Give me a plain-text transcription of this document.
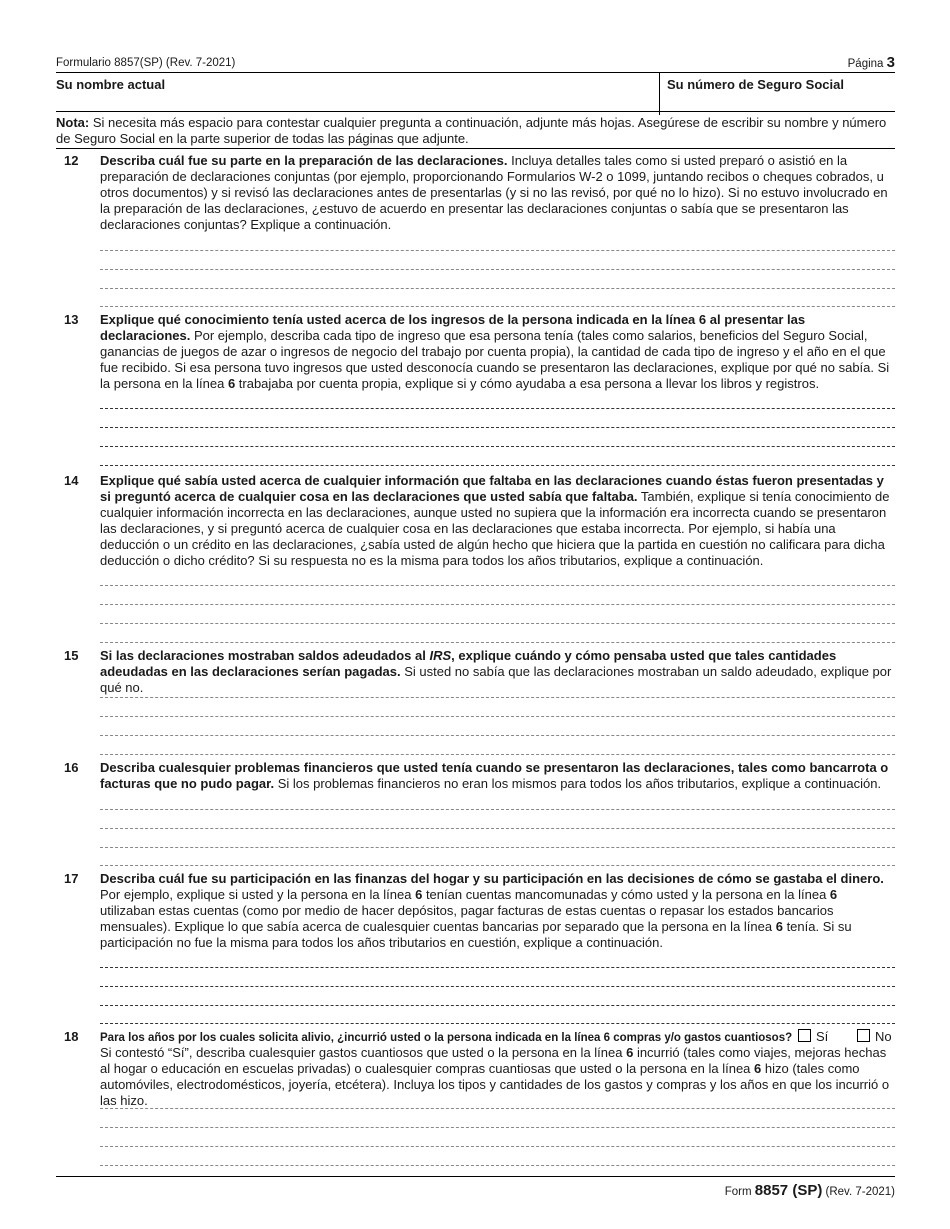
Formulario 8857(SP) (Rev. 7-2021)	Página 3
Su nombre actual	Su número de Seguro Social
Nota: Si necesita más espacio para contestar cualquier pregunta a continuación, adjunte más hojas. Asegúrese de escribir su nombre y número de Seguro Social en la parte superior de todas las páginas que adjunte.
12 Describa cuál fue su parte en la preparación de las declaraciones. Incluya detalles tales como si usted preparó o asistió en la preparación de declaraciones conjuntas (por ejemplo, proporcionando Formularios W-2 o 1099, juntando recibos o cheques cobrados, u otros documentos) y si revisó las declaraciones antes de presentarlas (y si no las revisó, por qué no lo hizo). Si no estuvo involucrado en la preparación de las declaraciones, ¿estuvo de acuerdo en presentar las declaraciones conjuntas o sabía que se presentaron las declaraciones conjuntas? Explique a continuación.
13 Explique qué conocimiento tenía usted acerca de los ingresos de la persona indicada en la línea 6 al presentar las declaraciones. Por ejemplo, describa cada tipo de ingreso que esa persona tenía (tales como salarios, beneficios del Seguro Social, ganancias de juegos de azar o ingresos de negocio del trabajo por cuenta propia), la cantidad de cada tipo de ingreso y el año en el que fue recibido. Si esa persona tuvo ingresos que usted desconocía cuando se presentaron las declaraciones, explique por qué no sabía. Si la persona en la línea 6 trabajaba por cuenta propia, explique si y cómo ayudaba a esa persona a llevar los libros y registros.
14 Explique qué sabía usted acerca de cualquier información que faltaba en las declaraciones cuando éstas fueron presentadas y si preguntó acerca de cualquier cosa en las declaraciones que usted sabía que faltaba. También, explique si tenía conocimiento de cualquier información incorrecta en las declaraciones, aunque usted no supiera que la información era incorrecta cuando se presentaron las declaraciones, y si preguntó acerca de cualquier cosa en las declaraciones que estaba incorrecta. Por ejemplo, si había una deducción o un crédito en las declaraciones, ¿sabía usted de algún hecho que hiciera que la partida en cuestión no calificara para dicha deducción o dicho crédito? Si su respuesta no es la misma para todos los años tributarios, explique a continuación.
15 Si las declaraciones mostraban saldos adeudados al IRS, explique cuándo y cómo pensaba usted que tales cantidades adeudadas en las declaraciones serían pagadas. Si usted no sabía que las declaraciones mostraban un saldo adeudado, explique por qué no.
16 Describa cualesquier problemas financieros que usted tenía cuando se presentaron las declaraciones, tales como bancarrota o facturas que no pudo pagar. Si los problemas financieros no eran los mismos para todos los años tributarios, explique a continuación.
17 Describa cuál fue su participación en las finanzas del hogar y su participación en las decisiones de cómo se gastaba el dinero. Por ejemplo, explique si usted y la persona en la línea 6 tenían cuentas mancomunadas y cómo usted y la persona en la línea 6 utilizaban estas cuentas (como por medio de hacer depósitos, pagar facturas de estas cuentas o repasar los estados bancarios mensuales). Explique lo que sabía acerca de cualesquier cuentas bancarias por separado que la persona en la línea 6 tenía. Si su participación no fue la misma para todos los años tributarios en cuestión, explique a continuación.
18 Para los años por los cuales solicita alivio, ¿incurrió usted o la persona indicada en la línea 6 compras y/o gastos cuantiosos?	Sí	No
Si contestó “Sí”, describa cualesquier gastos cuantiosos que usted o la persona en la línea 6 incurrió (tales como viajes, mejoras hechas al hogar o educación en escuelas privadas) o cualesquier compras cuantiosas que usted o la persona en la línea 6 hizo (tales como automóviles, electrodomésticos, joyería, etcétera). Incluya los tipos y cantidades de los gastos y compras y los años en que los incurrió o las hizo.
Form 8857 (SP) (Rev. 7-2021)
